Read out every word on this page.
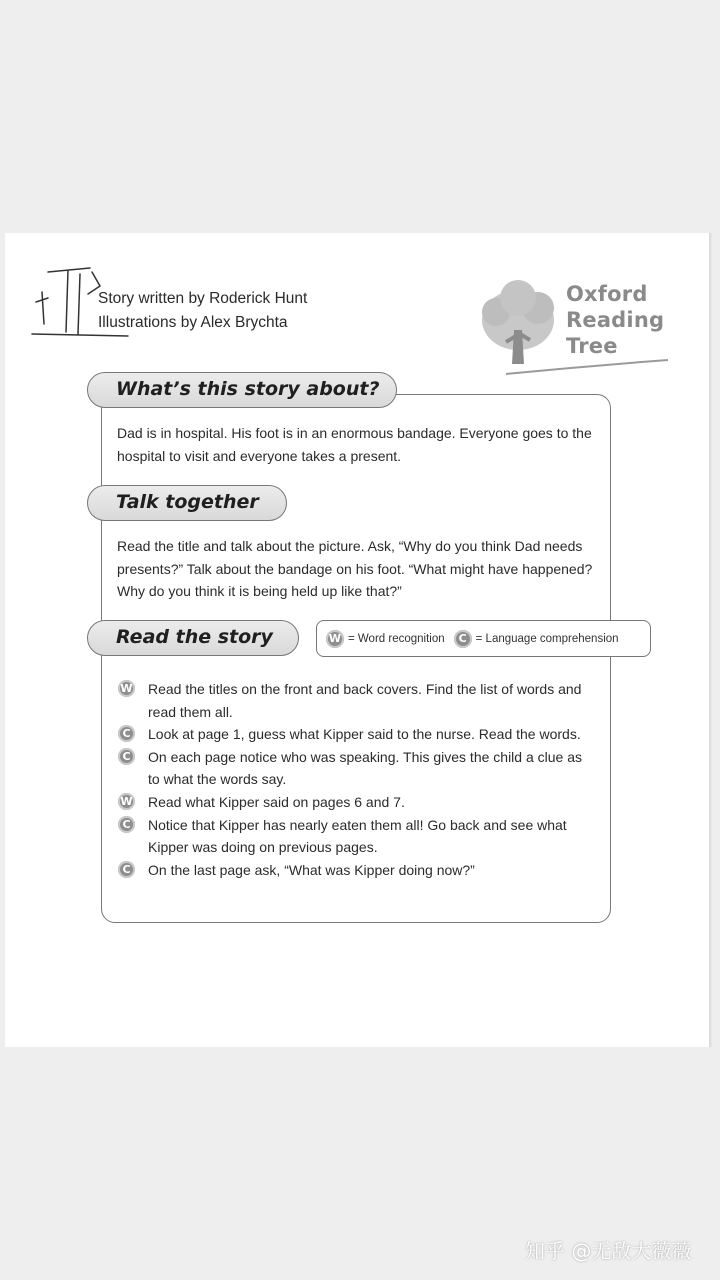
Story written by Roderick Hunt
Illustrations by Alex Brychta
Oxford
Reading
Tree
What’s this story about?
Dad is in hospital. His foot is in an enormous bandage. Everyone goes to the hospital to visit and everyone takes a present.
Talk together
Read the title and talk about the picture. Ask, “Why do you think Dad needs presents?” Talk about the bandage on his foot. “What might have happened? Why do you think it is being held up like that?”
Read the story	W = Word recognition	C = Language comprehension
W Read the titles on the front and back covers. Find the list of words and read them all.
C	Look at page 1, guess what Kipper said to the nurse. Read the words.
C	On each page notice who was speaking. This gives the child a clue as to what the words say.
W Read what Kipper said on pages 6 and 7.
C	Notice that Kipper has nearly eaten them all! Go back and see what Kipper was doing on previous pages.
C	On the last page ask, “What was Kipper doing now?”
知乎 @无敌大薇薇
